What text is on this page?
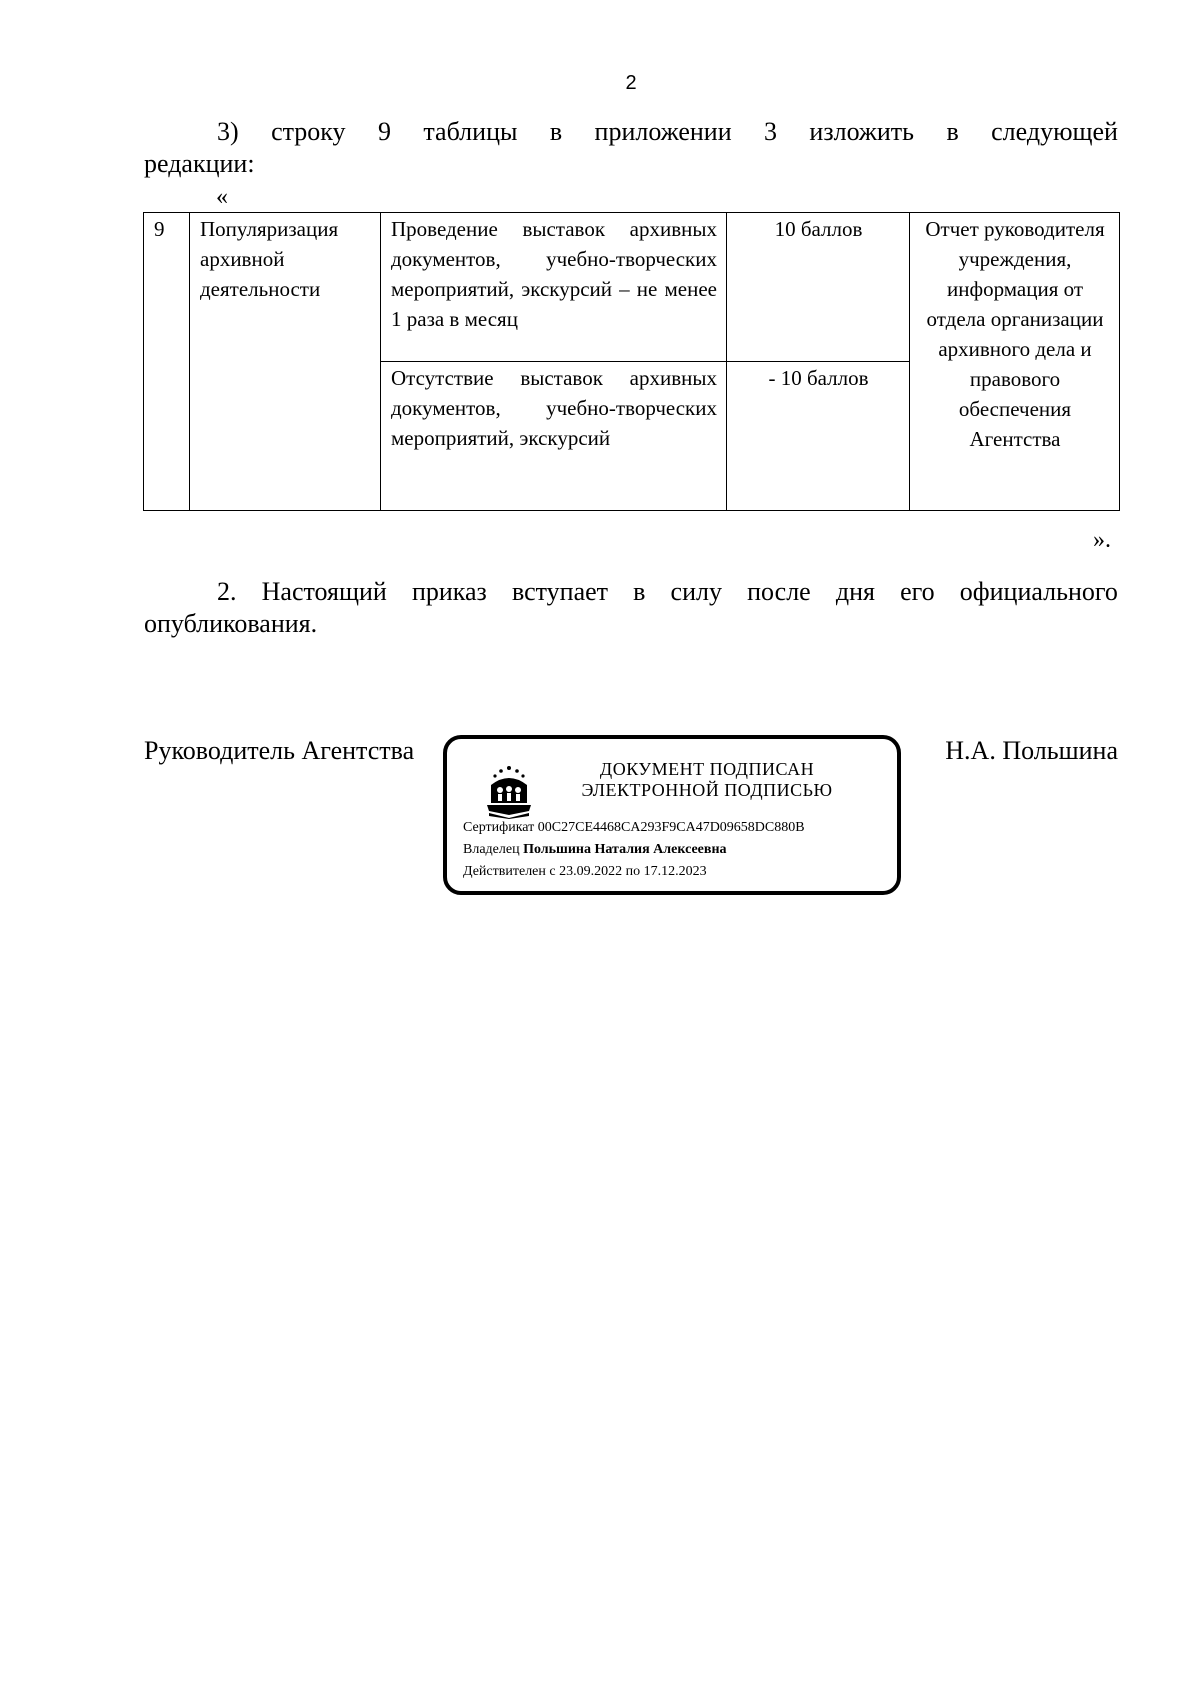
2
3) строку 9 таблицы в приложении 3 изложить в следующей
редакции:
«
9	Популяризация архивной деятельности	Проведение выставок архивных документов, учебно-творческих мероприятий, экскурсий – не менее 1 раза в месяц	10 баллов	Отчет руководителя учреждения, информация от отдела организации архивного дела и правового обеспечения Агентства
		Отсутствие выставок архивных документов, учебно-творческих мероприятий, экскурсий	- 10 баллов	
».
2. Настоящий приказ вступает в силу после дня его официального
опубликования.
Руководитель Агентства	Н.А. Польшина
ДОКУМЕНТ ПОДПИСАН
ЭЛЕКТРОННОЙ ПОДПИСЬЮ
Сертификат 00C27CE4468CA293F9CA47D09658DC880B
Владелец Польшина Наталия Алексеевна
Действителен с 23.09.2022 по 17.12.2023
